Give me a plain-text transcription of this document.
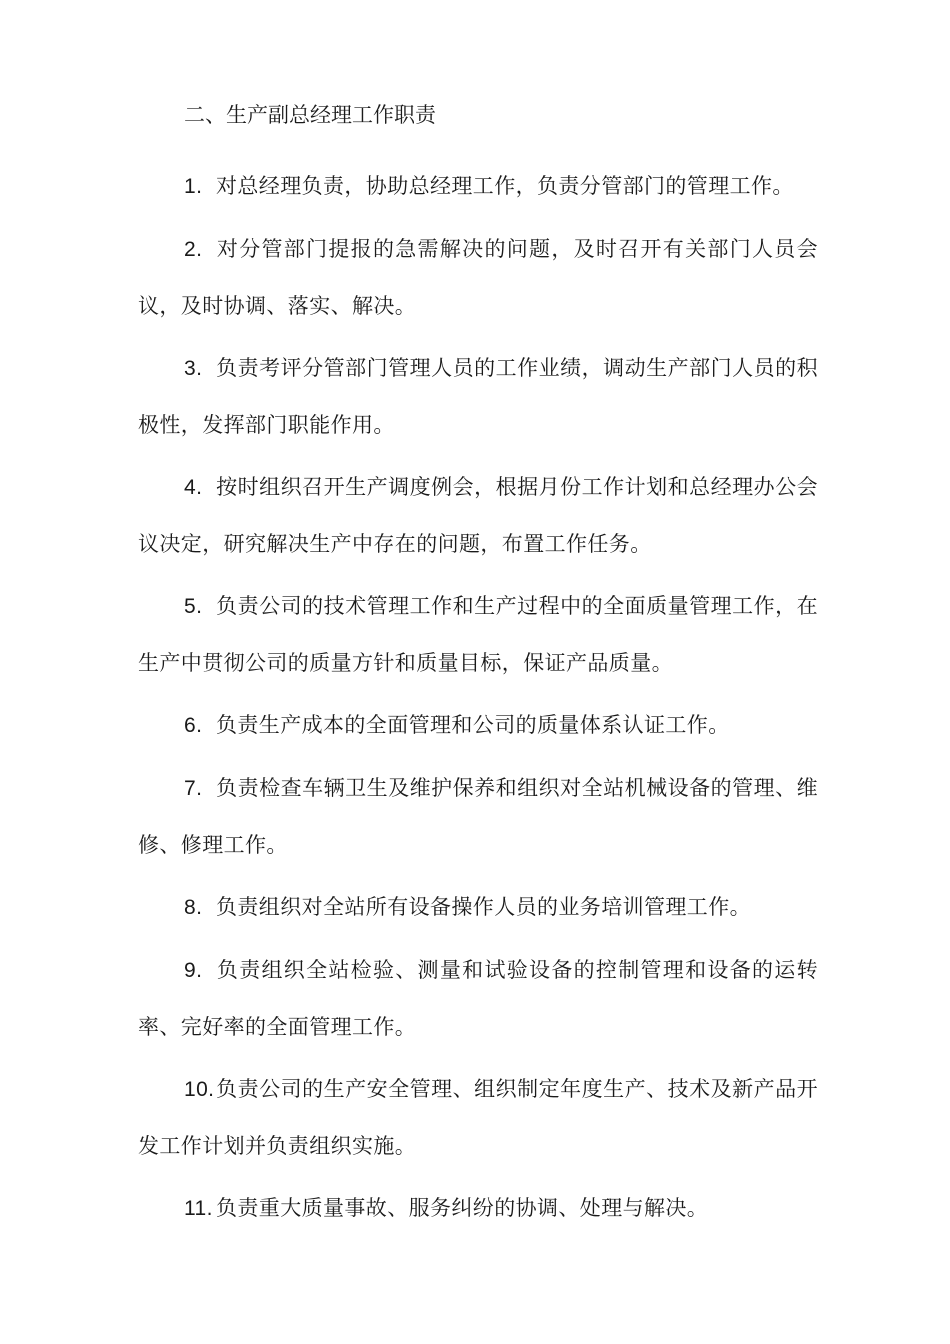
二、生产副总经理工作职责
1. 对总经理负责，协助总经理工作，负责分管部门的管理工作。
2. 对分管部门提报的急需解决的问题，及时召开有关部门人员会议，及时协调、落实、解决。
3. 负责考评分管部门管理人员的工作业绩，调动生产部门人员的积极性，发挥部门职能作用。
4. 按时组织召开生产调度例会，根据月份工作计划和总经理办公会议决定，研究解决生产中存在的问题，布置工作任务。
5. 负责公司的技术管理工作和生产过程中的全面质量管理工作，在生产中贯彻公司的质量方针和质量目标，保证产品质量。
6. 负责生产成本的全面管理和公司的质量体系认证工作。
7. 负责检查车辆卫生及维护保养和组织对全站机械设备的管理、维修、修理工作。
8. 负责组织对全站所有设备操作人员的业务培训管理工作。
9. 负责组织全站检验、测量和试验设备的控制管理和设备的运转率、完好率的全面管理工作。
10.负责公司的生产安全管理、组织制定年度生产、技术及新产品开发工作计划并负责组织实施。
11. 负责重大质量事故、服务纠纷的协调、处理与解决。
